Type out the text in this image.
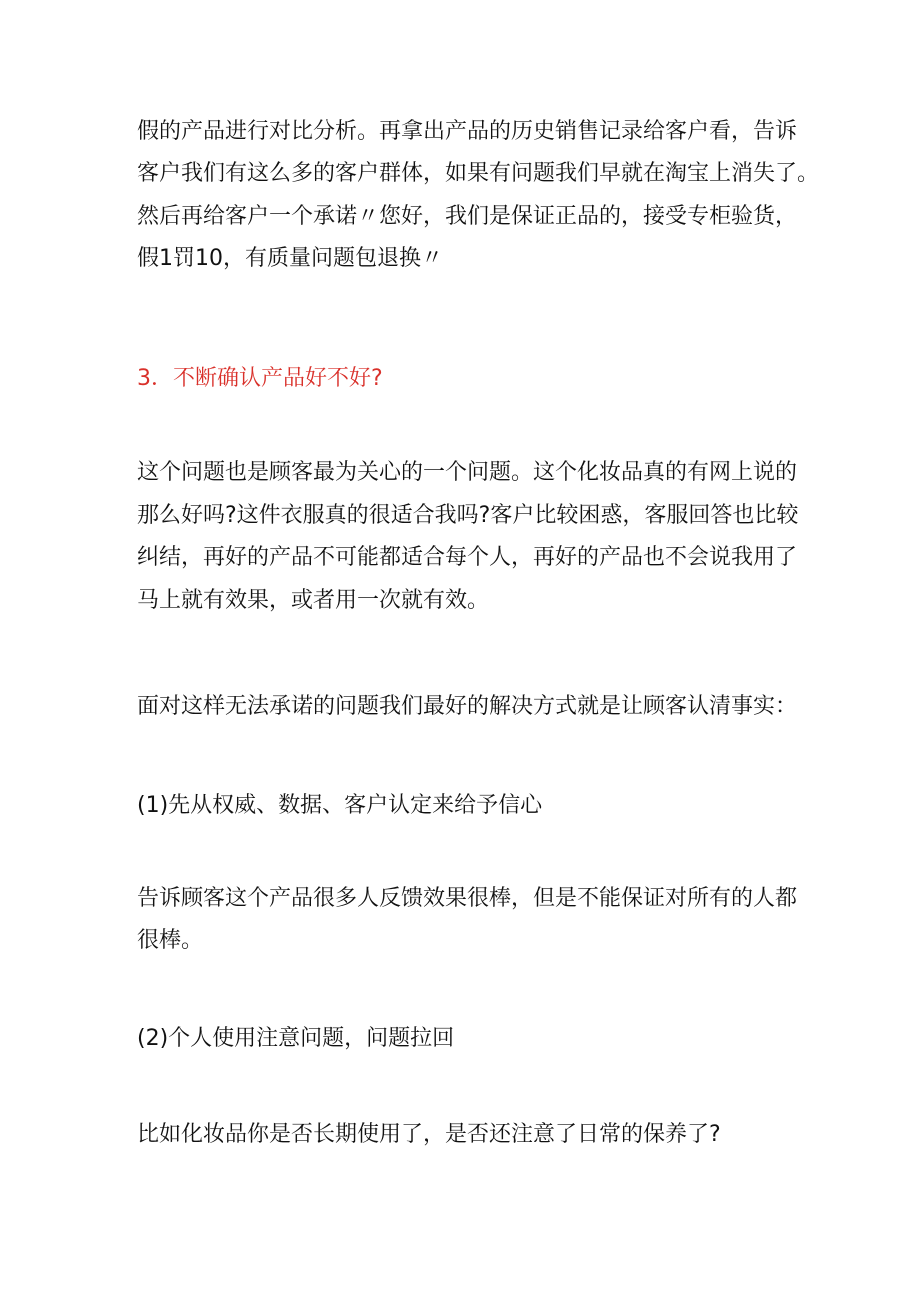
假的产品进行对比分析。再拿出产品的历史销售记录给客户看，告诉
客户我们有这么多的客户群体，如果有问题我们早就在淘宝上消失了。
然后再给客户一个承诺〃您好，我们是保证正品的，接受专柜验货，
假1罚10，有质量问题包退换〃
3．不断确认产品好不好?
这个问题也是顾客最为关心的一个问题。这个化妆品真的有网上说的
那么好吗?这件衣服真的很适合我吗?客户比较困惑，客服回答也比较
纠结，再好的产品不可能都适合每个人，再好的产品也不会说我用了
马上就有效果，或者用一次就有效。
面对这样无法承诺的问题我们最好的解决方式就是让顾客认清事实：
(1)先从权威、数据、客户认定来给予信心
告诉顾客这个产品很多人反馈效果很棒，但是不能保证对所有的人都
很棒。
(2)个人使用注意问题，问题拉回
比如化妆品你是否长期使用了，是否还注意了日常的保养了?
